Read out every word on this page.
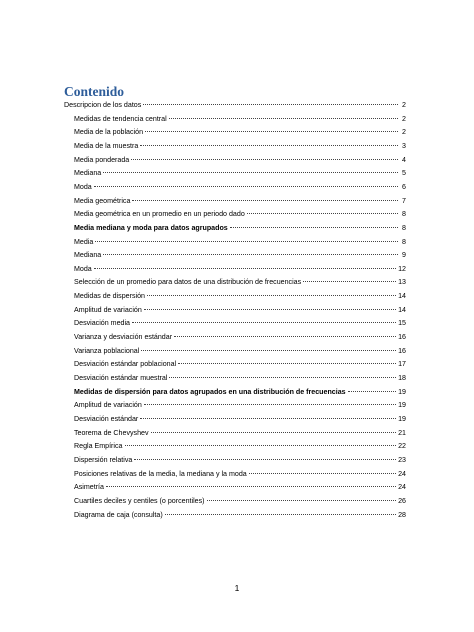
Contenido
Descripcion de los datos	2
Medidas de tendencia central	2
Media de la población	2
Media de la muestra	3
Media ponderada	4
Mediana	5
Moda	6
Media geométrica	7
Media geométrica en un promedio en un periodo dado	8
Media mediana y moda para datos agrupados	8
Media	8
Mediana	9
Moda	12
Selección de un promedio para datos de una distribución de frecuencias	13
Medidas de dispersión	14
Amplitud de variación	14
Desviación media	15
Varianza y desviación estándar	16
Varianza poblacional	16
Desviación estándar poblacional	17
Desviación estándar muestral	18
Medidas de dispersión para datos agrupados en una distribución de frecuencias	19
Amplitud de variación	19
Desviación estándar	19
Teorema de Chevyshev	21
Regla Empírica	22
Dispersión relativa	23
Posiciones relativas de la media, la mediana y la moda	24
Asimetría	24
Cuartiles deciles y centiles (o porcentiles)	26
Diagrama de caja (consulta)	28
1
